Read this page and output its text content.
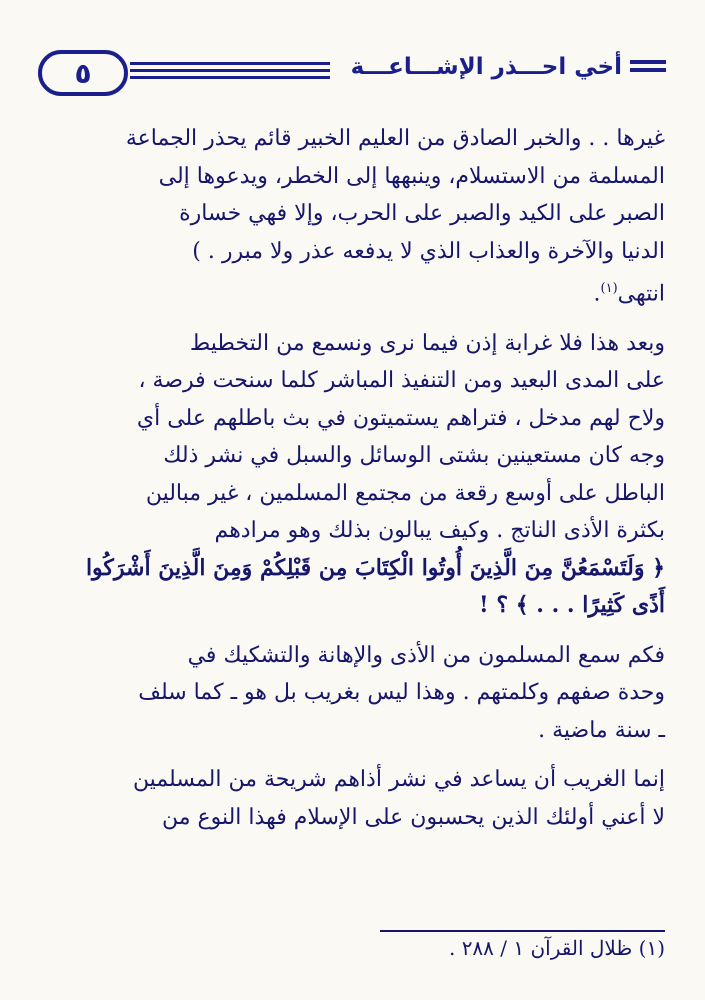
٥	أخي احـــذر الإشـــاعـــة

غيرها . . والخبر الصادق من العليم الخبير قائم يحذر الجماعة
المسلمة من الاستسلام، وينبهها إلى الخطر، ويدعوها إلى
الصبر على الكيد والصبر على الحرب، وإلا فهي خسارة
الدنيا والآخرة والعذاب الذي لا يدفعه عذر ولا مبرر . )
انتهى$^{(١)}$.

وبعد هذا فلا غرابة إذن فيما نرى ونسمع من التخطيط
على المدى البعيد ومن التنفيذ المباشر كلما سنحت فرصة ،
ولاح لهم مدخل ، فتراهم يستميتون في بث باطلهم على أي
وجه كان مستعينين بشتى الوسائل والسبل في نشر ذلك
الباطل على أوسع رقعة من مجتمع المسلمين ، غير مبالين
بكثرة الأذى الناتج . وكيف يبالون بذلك وهو مرادهم
﴿ وَلَتَسْمَعُنَّ مِنَ الَّذِينَ أُوتُوا الْكِتَابَ مِن قَبْلِكُمْ وَمِنَ الَّذِينَ أَشْرَكُوا
أَذًى كَثِيرًا . . . ﴾ ؟ !

فكم سمع المسلمون من الأذى والإهانة والتشكيك في
وحدة صفهم وكلمتهم . وهذا ليس بغريب بل هو ـ كما سلف
ـ سنة ماضية .

إنما الغريب أن يساعد في نشر أذاهم شريحة من المسلمين
لا أعني أولئك الذين يحسبون على الإسلام فهذا النوع من

(١) ظلال القرآن ١ / ٢٨٨ .
